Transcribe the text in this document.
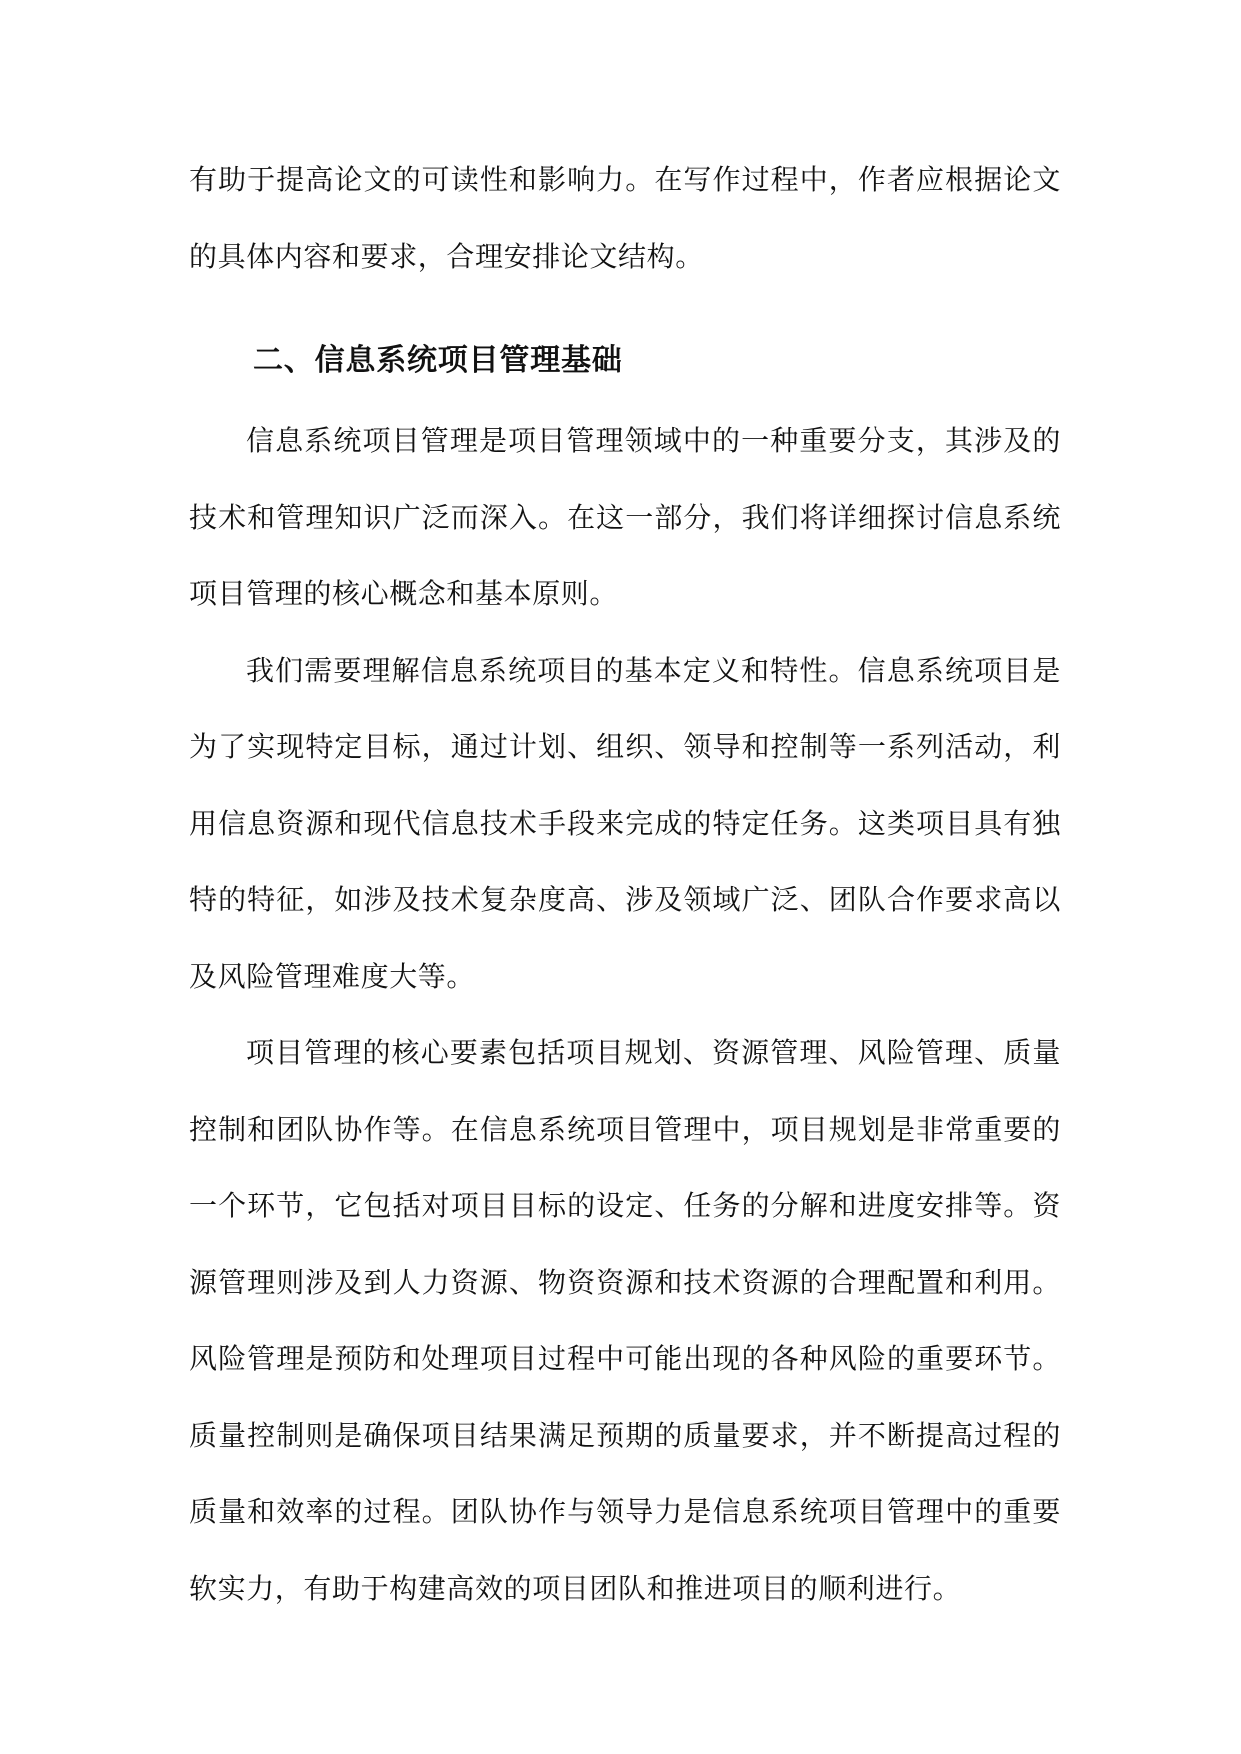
有助于提高论文的可读性和影响力。在写作过程中，作者应根据论文的具体内容和要求，合理安排论文结构。

二、信息系统项目管理基础

信息系统项目管理是项目管理领域中的一种重要分支，其涉及的技术和管理知识广泛而深入。在这一部分，我们将详细探讨信息系统项目管理的核心概念和基本原则。

我们需要理解信息系统项目的基本定义和特性。信息系统项目是为了实现特定目标，通过计划、组织、领导和控制等一系列活动，利用信息资源和现代信息技术手段来完成的特定任务。这类项目具有独特的特征，如涉及技术复杂度高、涉及领域广泛、团队合作要求高以及风险管理难度大等。

项目管理的核心要素包括项目规划、资源管理、风险管理、质量控制和团队协作等。在信息系统项目管理中，项目规划是非常重要的一个环节，它包括对项目目标的设定、任务的分解和进度安排等。资源管理则涉及到人力资源、物资资源和技术资源的合理配置和利用。风险管理是预防和处理项目过程中可能出现的各种风险的重要环节。质量控制则是确保项目结果满足预期的质量要求，并不断提高过程的质量和效率的过程。团队协作与领导力是信息系统项目管理中的重要软实力，有助于构建高效的项目团队和推进项目的顺利进行。
